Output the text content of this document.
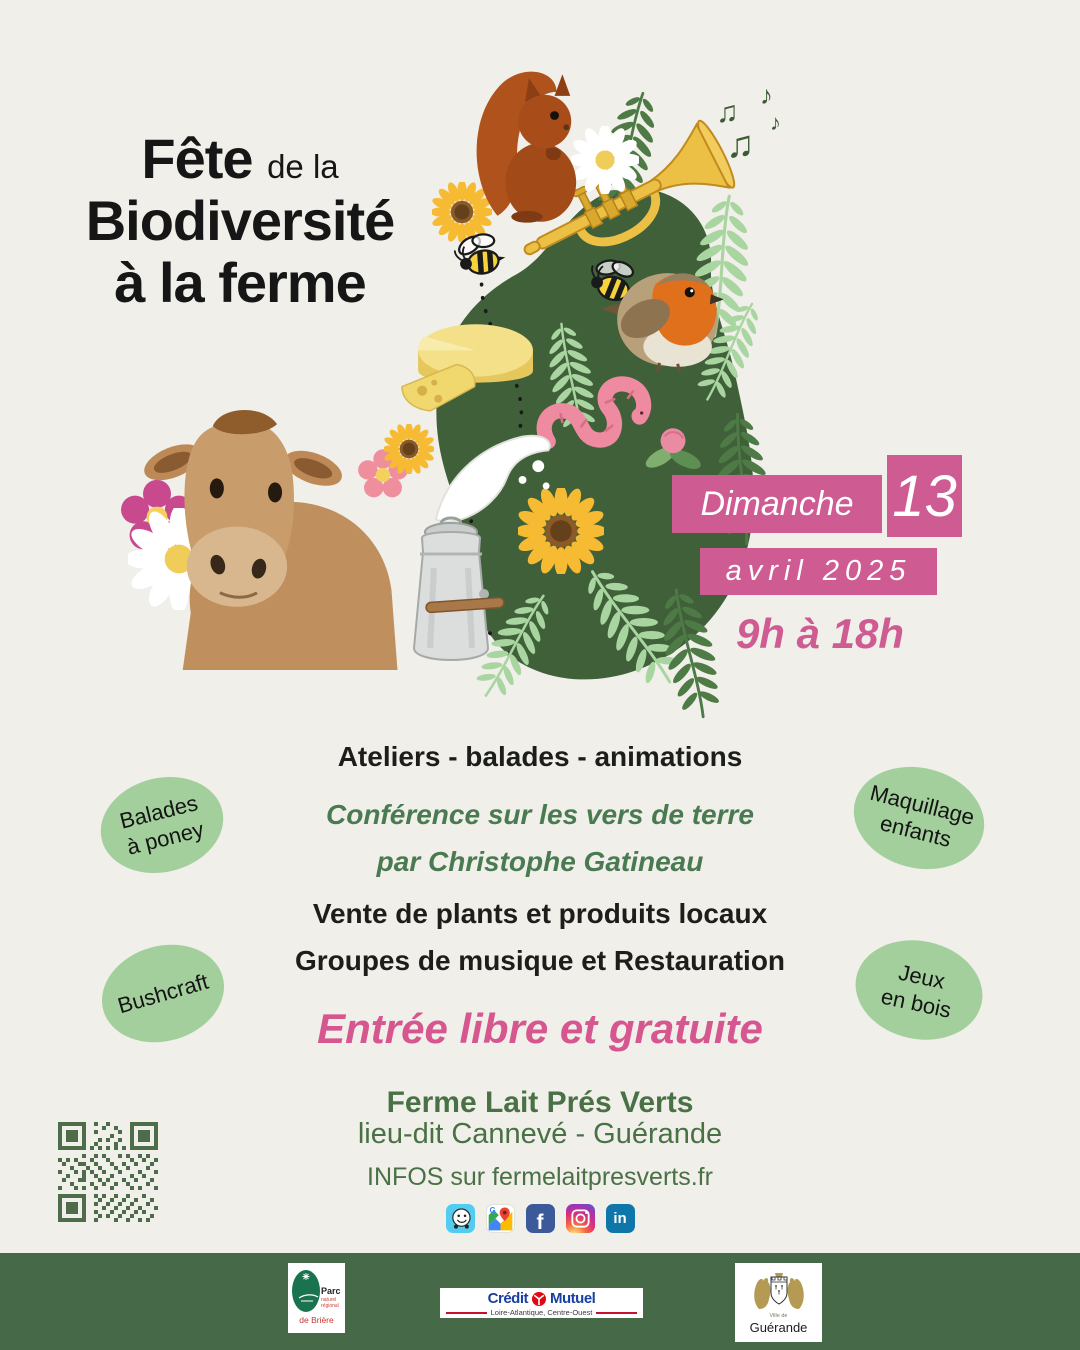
Fête de la
Biodiversité
à la ferme
♪
♫ ♪
♫
Dimanche 13
avril 2025
9h à 18h
Ateliers - balades - animations
Conférence sur les vers de terre
par Christophe Gatineau
Vente de plants et produits locaux
Groupes de musique et Restauration
Entrée libre et gratuite
Balades
à poney
Maquillage
enfants
Bushcraft	Jeux
en bois
Ferme Lait Prés Verts
lieu-dit Cannevé - Guérande
INFOS sur fermelaitpresverts.fr
G
f	in
Parc
naturel
régional
de Brière
Crédit Mutuel
Loire-Atlantique, Centre-Ouest	Ville de
Guérande
